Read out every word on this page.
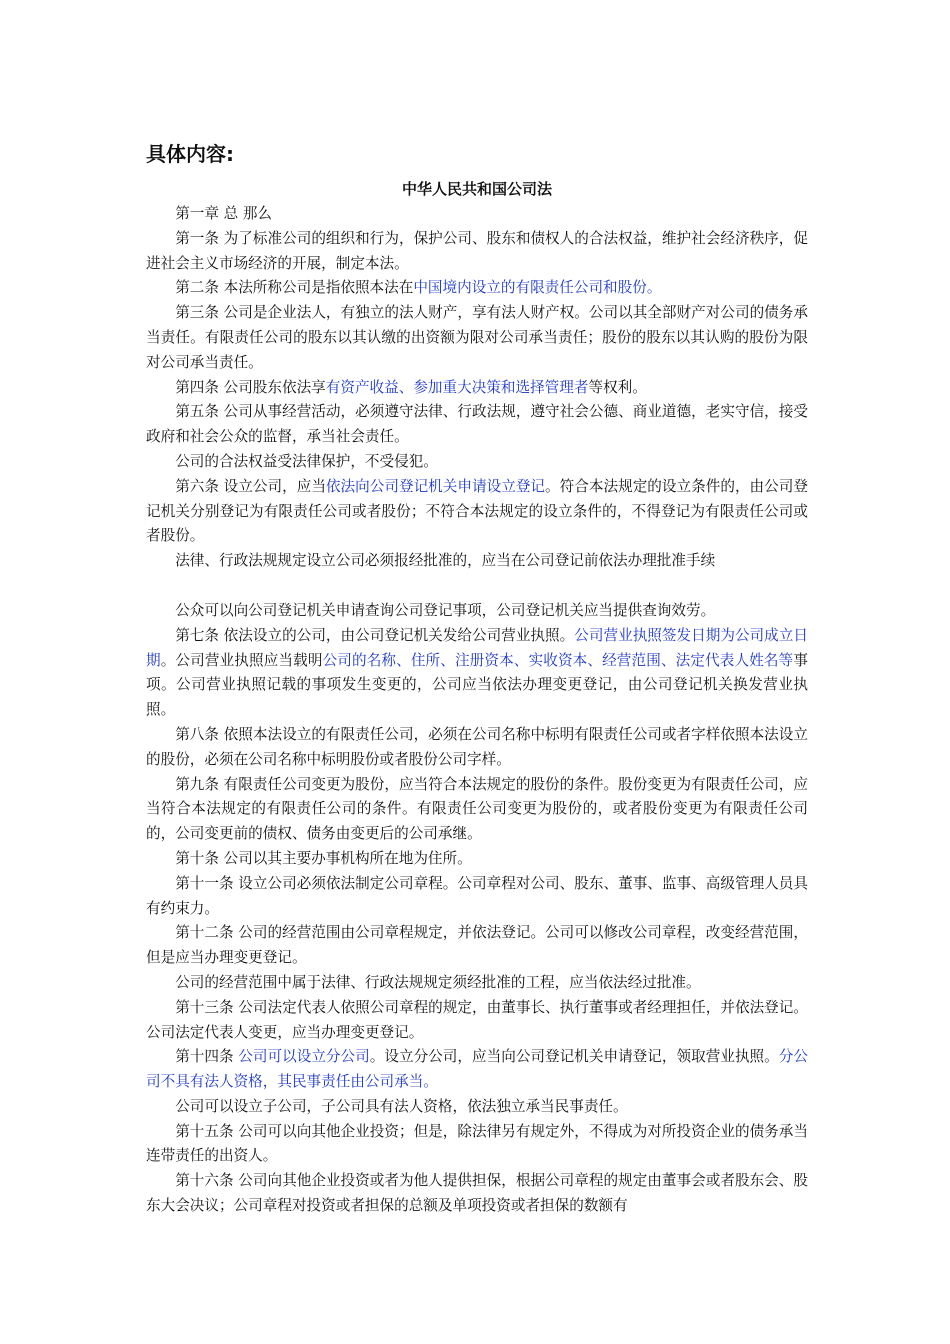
具体内容:
中华人民共和国公司法

第一章 总 那么

第一条 为了标准公司的组织和行为，保护公司、股东和债权人的合法权益，维护社会经济秩序，促进社会主义市场经济的开展，制定本法。

第二条 本法所称公司是指依照本法在中国境内设立的有限责任公司和股份。

第三条 公司是企业法人，有独立的法人财产，享有法人财产权。公司以其全部财产对公司的债务承当责任。有限责任公司的股东以其认缴的出资额为限对公司承当责任；股份的股东以其认购的股份为限对公司承当责任。

第四条 公司股东依法享有资产收益、参加重大决策和选择管理者等权利。

第五条 公司从事经营活动，必须遵守法律、行政法规，遵守社会公德、商业道德，老实守信，接受政府和社会公众的监督，承当社会责任。

公司的合法权益受法律保护，不受侵犯。

第六条 设立公司，应当依法向公司登记机关申请设立登记。符合本法规定的设立条件的，由公司登记机关分别登记为有限责任公司或者股份；不符合本法规定的设立条件的，不得登记为有限责任公司或者股份。

法律、行政法规规定设立公司必须报经批准的，应当在公司登记前依法办理批准手续

公众可以向公司登记机关申请查询公司登记事项，公司登记机关应当提供查询效劳。

第七条 依法设立的公司，由公司登记机关发给公司营业执照。公司营业执照签发日期为公司成立日期。公司营业执照应当载明公司的名称、住所、注册资本、实收资本、经营范围、法定代表人姓名等事项。公司营业执照记载的事项发生变更的，公司应当依法办理变更登记，由公司登记机关换发营业执照。

第八条 依照本法设立的有限责任公司，必须在公司名称中标明有限责任公司或者字样依照本法设立的股份，必须在公司名称中标明股份或者股份公司字样。

第九条 有限责任公司变更为股份，应当符合本法规定的股份的条件。股份变更为有限责任公司，应当符合本法规定的有限责任公司的条件。有限责任公司变更为股份的，或者股份变更为有限责任公司的，公司变更前的债权、债务由变更后的公司承继。

第十条 公司以其主要办事机构所在地为住所。

第十一条 设立公司必须依法制定公司章程。公司章程对公司、股东、董事、监事、高级管理人员具有约束力。

第十二条 公司的经营范围由公司章程规定，并依法登记。公司可以修改公司章程，改变经营范围，但是应当办理变更登记。

公司的经营范围中属于法律、行政法规规定须经批准的工程，应当依法经过批准。

第十三条 公司法定代表人依照公司章程的规定，由董事长、执行董事或者经理担任，并依法登记。公司法定代表人变更，应当办理变更登记。

第十四条 公司可以设立分公司。设立分公司，应当向公司登记机关申请登记，领取营业执照。分公司不具有法人资格，其民事责任由公司承当。

公司可以设立子公司，子公司具有法人资格，依法独立承当民事责任。

第十五条 公司可以向其他企业投资；但是，除法律另有规定外，不得成为对所投资企业的债务承当连带责任的出资人。

第十六条 公司向其他企业投资或者为他人提供担保，根据公司章程的规定由董事会或者股东会、股东大会决议；公司章程对投资或者担保的总额及单项投资或者担保的数额有
